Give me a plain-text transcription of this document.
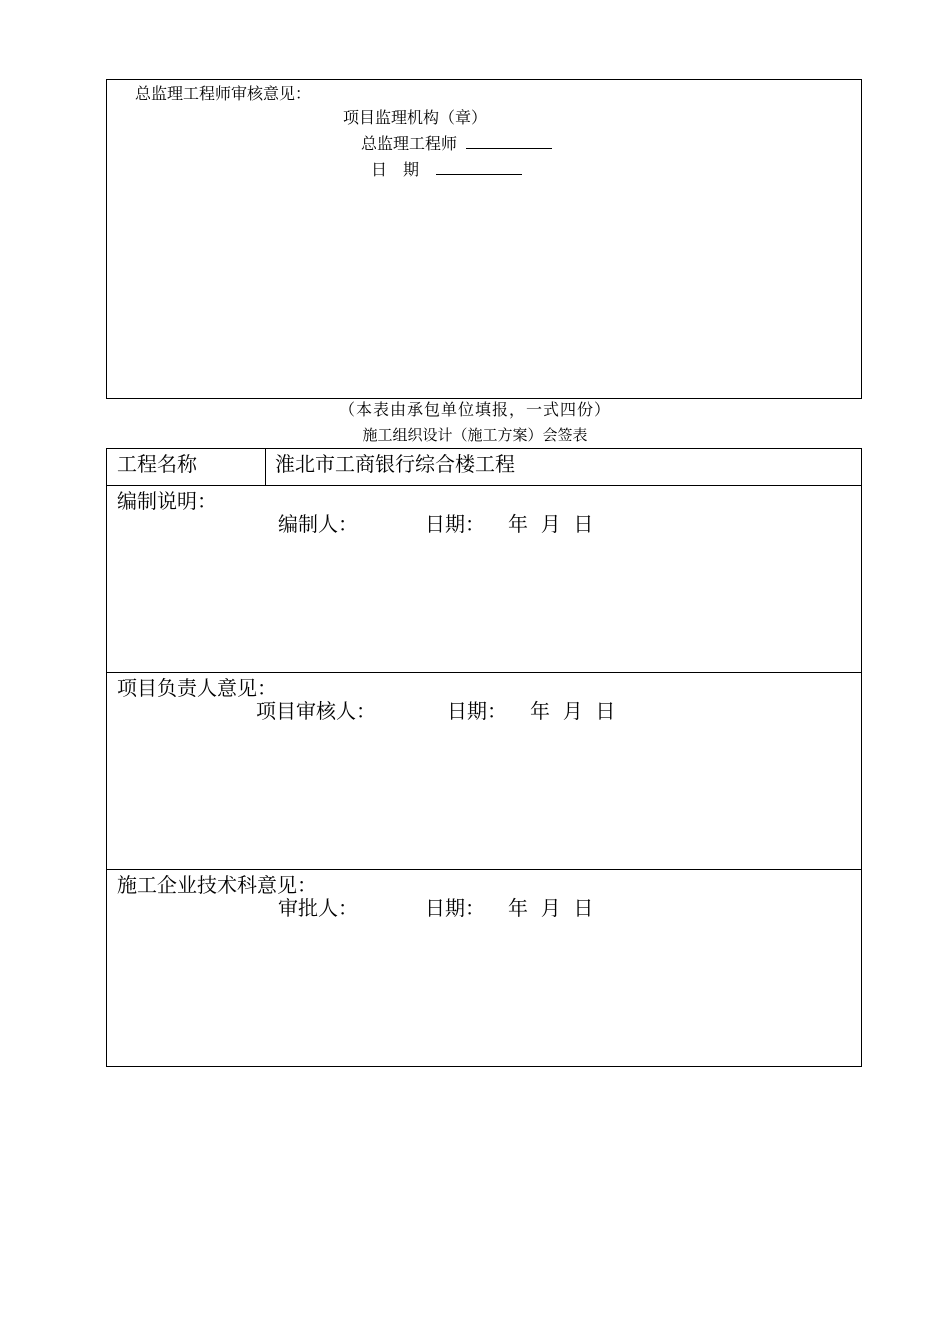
总监理工程师审核意见：
项目监理机构（章）
总监理工程师
日　期
（本表由承包单位填报，一式四份）
施工组织设计（施工方案）会签表
工程名称	淮北市工商银行综合楼工程
编制说明：
编制人：	日期： 年  月  日
项目负责人意见：
项目审核人：	日期： 年  月  日
施工企业技术科意见：
审批人：	日期： 年  月  日
